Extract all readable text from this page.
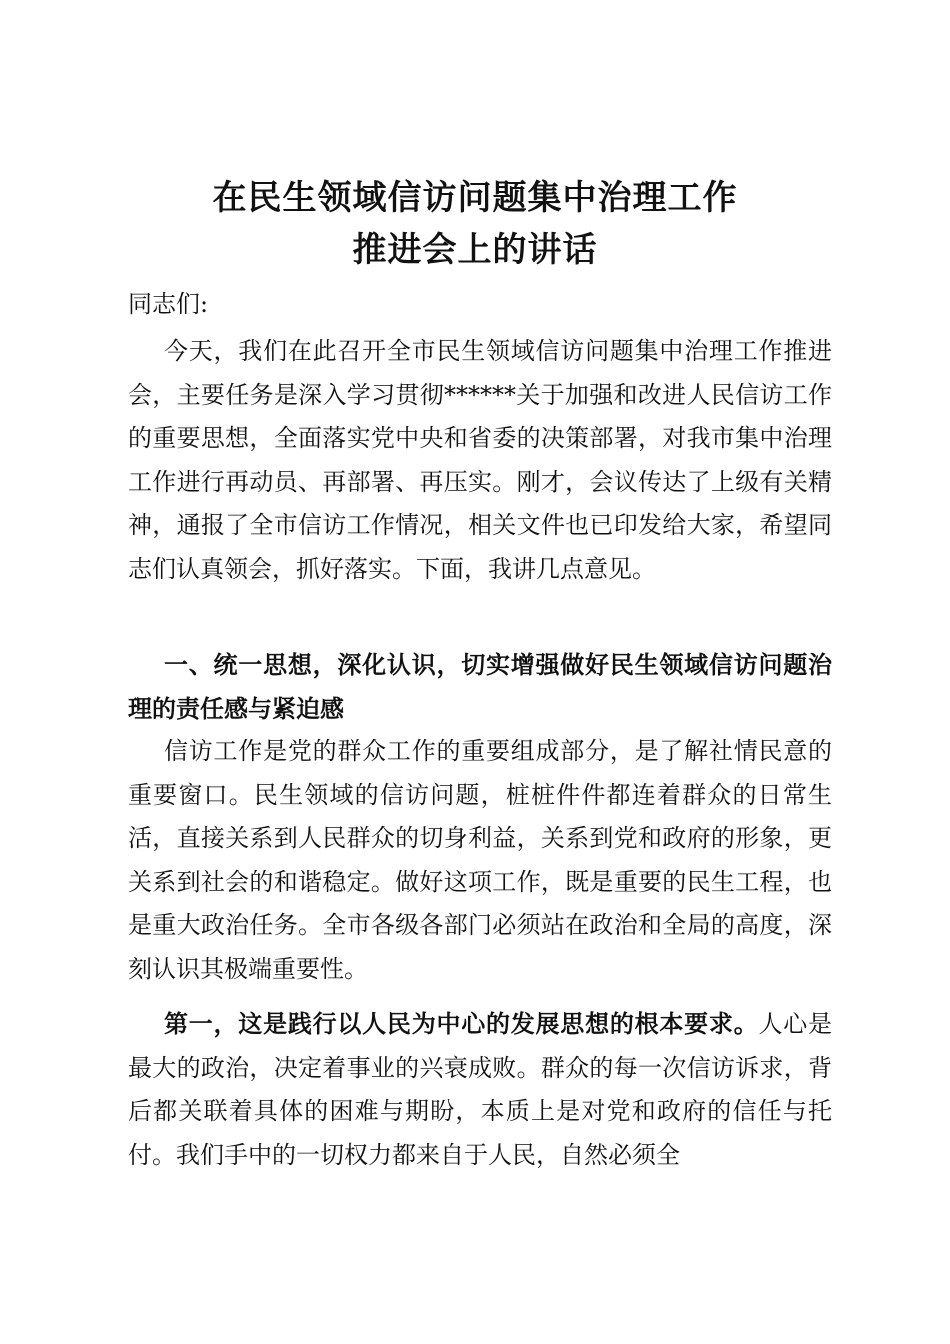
在民生领域信访问题集中治理工作
推进会上的讲话

同志们:

今天，我们在此召开全市民生领域信访问题集中治理工作推进会，主要任务是深入学习贯彻******关于加强和改进人民信访工作的重要思想，全面落实党中央和省委的决策部署，对我市集中治理工作进行再动员、再部署、再压实。刚才，会议传达了上级有关精神，通报了全市信访工作情况，相关文件也已印发给大家，希望同志们认真领会，抓好落实。下面，我讲几点意见。

一、统一思想，深化认识，切实增强做好民生领域信访问题治理的责任感与紧迫感

信访工作是党的群众工作的重要组成部分，是了解社情民意的重要窗口。民生领域的信访问题，桩桩件件都连着群众的日常生活，直接关系到人民群众的切身利益，关系到党和政府的形象，更关系到社会的和谐稳定。做好这项工作，既是重要的民生工程，也是重大政治任务。全市各级各部门必须站在政治和全局的高度，深刻认识其极端重要性。

第一，这是践行以人民为中心的发展思想的根本要求。人心是最大的政治，决定着事业的兴衰成败。群众的每一次信访诉求，背后都关联着具体的困难与期盼，本质上是对党和政府的信任与托付。我们手中的一切权力都来自于人民，自然必须全
